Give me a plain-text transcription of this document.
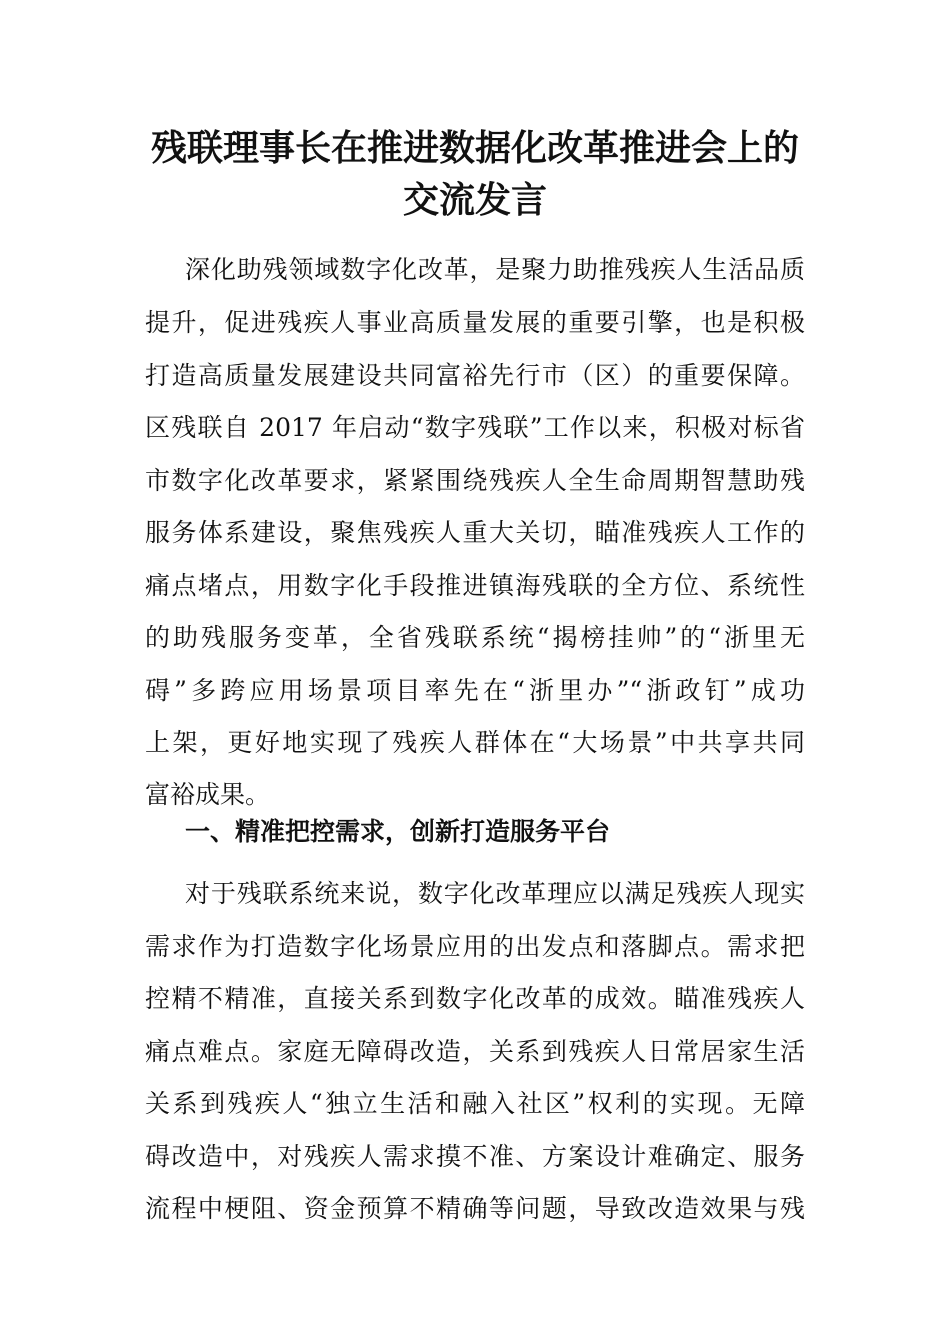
残联理事长在推进数据化改革推进会上的
交流发言
深化助残领域数字化改革，是聚力助推残疾人生活品质
提升，促进残疾人事业高质量发展的重要引擎，也是积极
打造高质量发展建设共同富裕先行市（区）的重要保障。
区残联自 2017 年启动“数字残联”工作以来，积极对标省
市数字化改革要求，紧紧围绕残疾人全生命周期智慧助残
服务体系建设，聚焦残疾人重大关切，瞄准残疾人工作的
痛点堵点，用数字化手段推进镇海残联的全方位、系统性
的助残服务变革，全省残联系统“揭榜挂帅”的“浙里无
碍”多跨应用场景项目率先在“浙里办”“浙政钉”成功
上架，更好地实现了残疾人群体在“大场景”中共享共同
富裕成果。
一、精准把控需求，创新打造服务平台
对于残联系统来说，数字化改革理应以满足残疾人现实
需求作为打造数字化场景应用的出发点和落脚点。需求把
控精不精准，直接关系到数字化改革的成效。瞄准残疾人
痛点难点。家庭无障碍改造，关系到残疾人日常居家生活
关系到残疾人“独立生活和融入社区”权利的实现。无障
碍改造中，对残疾人需求摸不准、方案设计难确定、服务
流程中梗阻、资金预算不精确等问题，导致改造效果与残
